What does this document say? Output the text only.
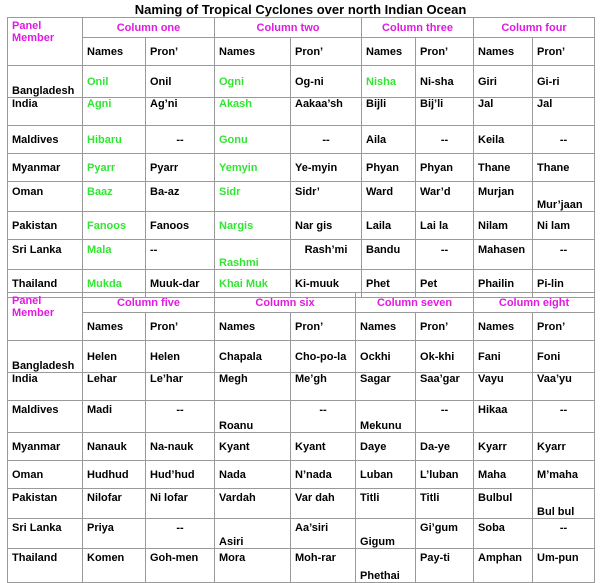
Naming of Tropical Cyclones over north Indian Ocean
Panel Member	Column one		Column two		Column three		Column four	
	Names	Pron’	Names	Pron’	Names	Pron’	Names	Pron’
Bangladesh	Onil	Onil	Ogni	Og-ni	Nisha	Ni-sha	Giri	Gi-ri
India	Agni	Ag’ni	Akash	Aakaa’sh	Bijli	Bij’li	Jal	Jal
Maldives	Hibaru	--	Gonu	--	Aila	--	Keila	--
Myanmar	Pyarr	Pyarr	Yemyin	Ye-myin	Phyan	Phyan	Thane	Thane
Oman	Baaz	Ba-az	Sidr	Sidr’	Ward	War’d	Murjan	Mur’jaan
Pakistan	Fanoos	Fanoos	Nargis	Nar gis	Laila	Lai la	Nilam	Ni lam
Sri Lanka	Mala	--	Rashmi	Rash’mi	Bandu	--	Mahasen	--
Thailand	Mukda	Muuk-dar	Khai Muk	Ki-muuk	Phet	Pet	Phailin	Pi-lin
Panel Member	Column five		Column six		Column seven		Column eight	
	Names	Pron’	Names	Pron’	Names	Pron’	Names	Pron’
Bangladesh	Helen	Helen	Chapala	Cho-po-la	Ockhi	Ok-khi	Fani	Foni
India	Lehar	Le’har	Megh	Me’gh	Sagar	Saa’gar	Vayu	Vaa’yu
Maldives	Madi	--	Roanu	--	Mekunu	--	Hikaa	--
Myanmar	Nanauk	Na-nauk	Kyant	Kyant	Daye	Da-ye	Kyarr	Kyarr
Oman	Hudhud	Hud’hud	Nada	N’nada	Luban	L’luban	Maha	M’maha
Pakistan	Nilofar	Ni lofar	Vardah	Var dah	Titli	Titli	Bulbul	Bul bul
Sri Lanka	Priya	--	Asiri	Aa’siri	Gigum	Gi’gum	Soba	--
Thailand	Komen	Goh-men	Mora	Moh-rar	Phethai	Pay-ti	Amphan	Um-pun
